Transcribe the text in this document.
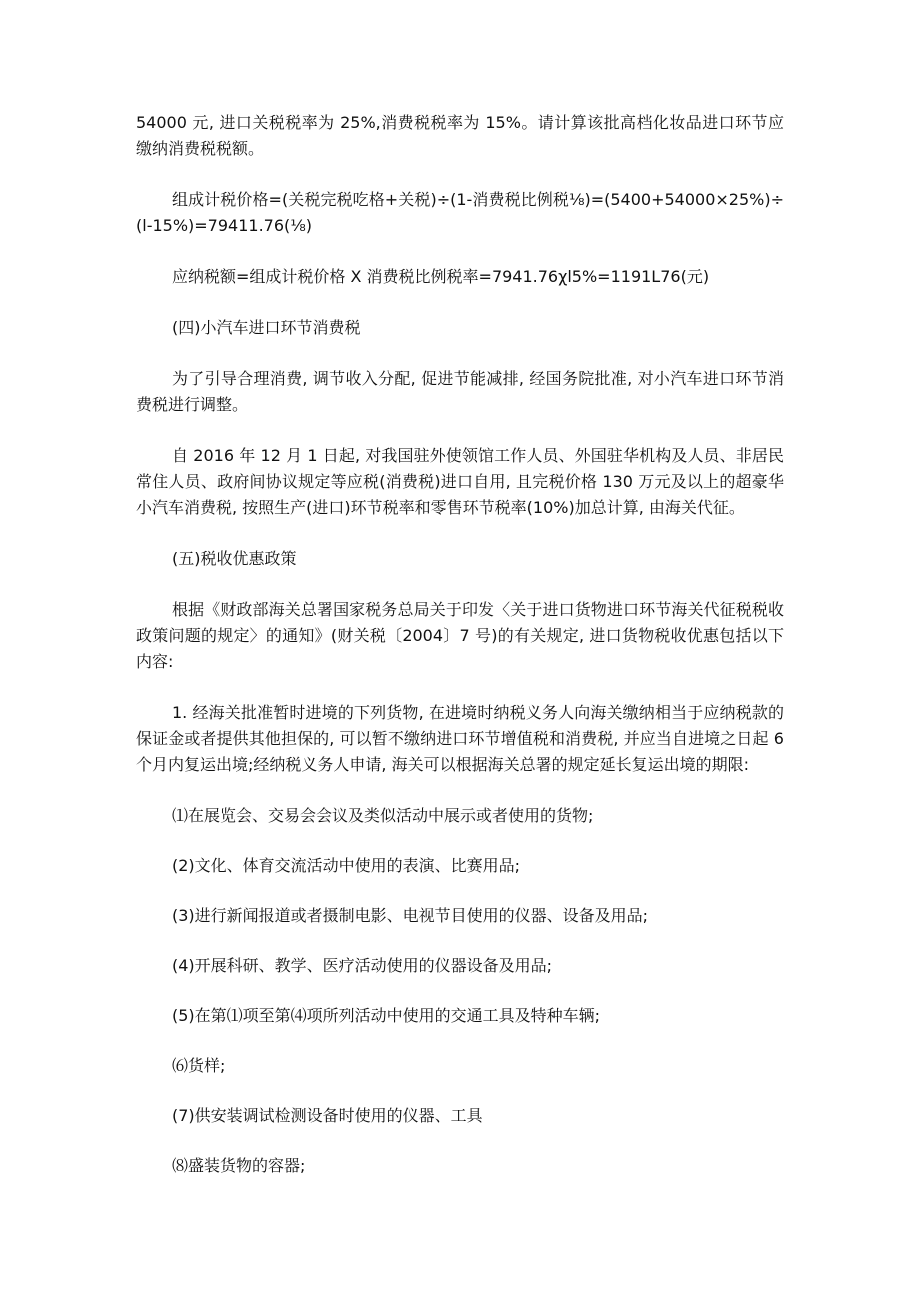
54000 元, 进口关税税率为 25%,消费税税率为 15%。请计算该批高档化妆品进口环节应缴纳消费税税额。

组成计税价格=(关税完税吃格+关税)÷(1-消费税比例税⅛)=(5400+54000×25%)÷(l-15%)=79411.76(⅛)

应纳税额=组成计税价格 X 消费税比例税率=7941.76χl5%=1191L76(元)

(四)小汽车进口环节消费税

为了引导合理消费, 调节收入分配, 促进节能减排, 经国务院批准, 对小汽车进口环节消费税进行调整。

自 2016 年 12 月 1 日起, 对我国驻外使领馆工作人员、外国驻华机构及人员、非居民常住人员、政府间协议规定等应税(消费税)进口自用, 且完税价格 130 万元及以上的超豪华小汽车消费税, 按照生产(进口)环节税率和零售环节税率(10%)加总计算, 由海关代征。

(五)税收优惠政策

根据《财政部海关总署国家税务总局关于印发〈关于进口货物进口环节海关代征税税收政策问题的规定〉的通知》(财关税〔2004〕7 号)的有关规定, 进口货物税收优惠包括以下内容:

1. 经海关批准暂时进境的下列货物, 在进境时纳税义务人向海关缴纳相当于应纳税款的保证金或者提供其他担保的, 可以暂不缴纳进口环节增值税和消费税, 并应当自进境之日起 6 个月内复运出境;经纳税义务人申请, 海关可以根据海关总署的规定延长复运出境的期限:

⑴在展览会、交易会会议及类似活动中展示或者使用的货物;

(2)文化、体育交流活动中使用的表演、比赛用品;

(3)进行新闻报道或者摄制电影、电视节目使用的仪器、设备及用品;

(4)开展科研、教学、医疗活动使用的仪器设备及用品;

(5)在第⑴项至第⑷项所列活动中使用的交通工具及特种车辆;

⑹货样;

(7)供安装调试检测设备时使用的仪器、工具

⑻盛装货物的容器;
